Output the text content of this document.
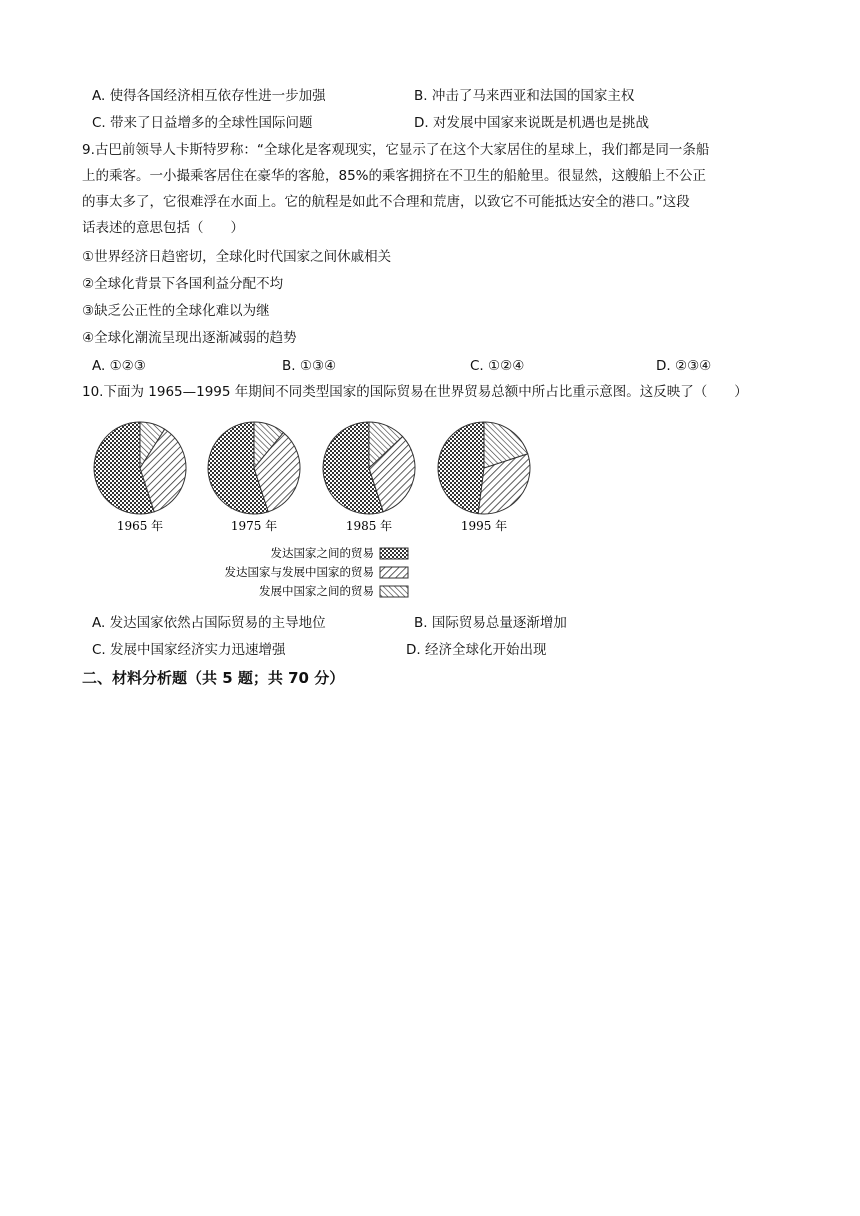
A. 使得各国经济相互依存性进一步加强	B. 冲击了马来西亚和法国的国家主权
C. 带来了日益增多的全球性国际问题	D. 对发展中国家来说既是机遇也是挑战
9.古巴前领导人卡斯特罗称：“全球化是客观现实，它显示了在这个大家居住的星球上，我们都是同一条船
上的乘客。一小撮乘客居住在豪华的客舱，85%的乘客拥挤在不卫生的船舱里。很显然，这艘船上不公正
的事太多了，它很难浮在水面上。它的航程是如此不合理和荒唐，以致它不可能抵达安全的港口。”这段
话表述的意思包括（　　）
①世界经济日趋密切，全球化时代国家之间休戚相关
②全球化背景下各国利益分配不均
③缺乏公正性的全球化难以为继
④全球化潮流呈现出逐渐减弱的趋势
A. ①②③	B. ①③④	C. ①②④	D. ②③④
10.下面为 1965—1995 年期间不同类型国家的国际贸易在世界贸易总额中所占比重示意图。这反映了（　　）
1965 年	1975 年	1985 年	1995 年
发达国家之间的贸易
发达国家与发展中国家的贸易
发展中国家之间的贸易
A. 发达国家依然占国际贸易的主导地位	B. 国际贸易总量逐渐增加
C. 发展中国家经济实力迅速增强	D. 经济全球化开始出现
二、材料分析题（共 5 题；共 70 分）
